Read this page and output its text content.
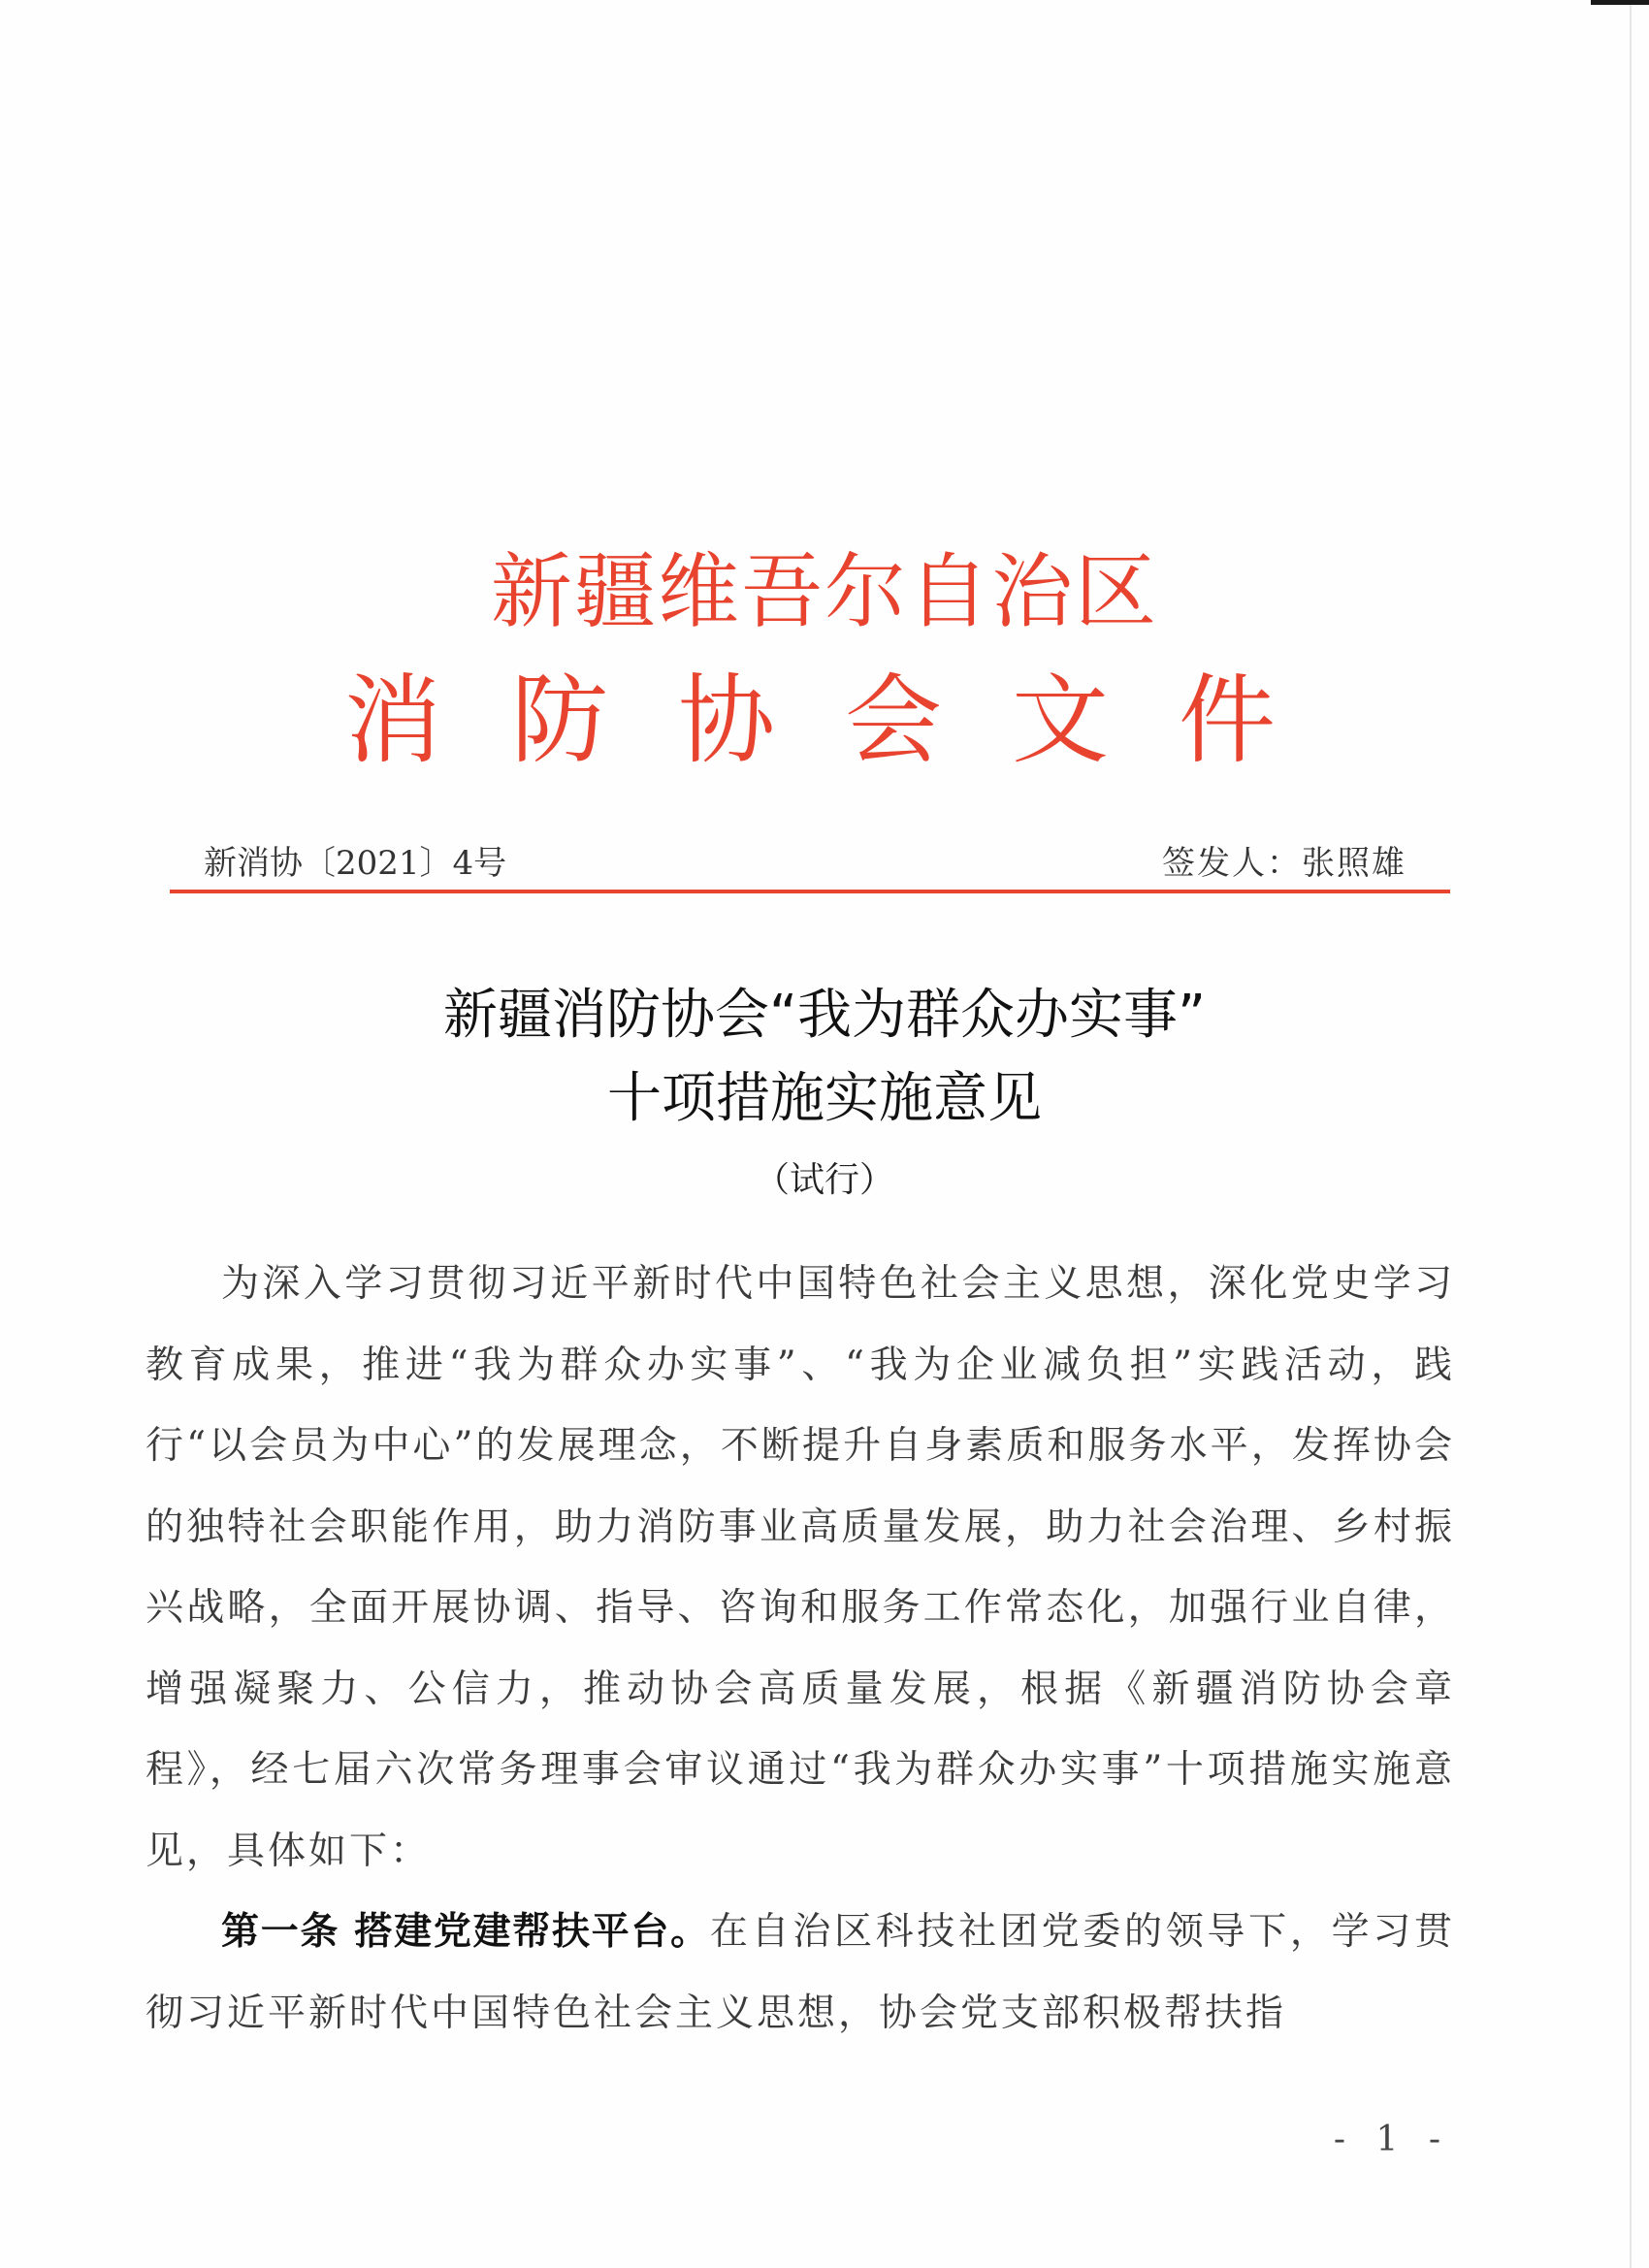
新疆维吾尔自治区
消 防 协 会 文 件
新消协〔2021〕4号	签发人：张照雄
新疆消防协会“我为群众办实事”
十项措施实施意见
（试行）

为深入学习贯彻习近平新时代中国特色社会主义思想，深化党史学习教育成果，推进“我为群众办实事”、“我为企业减负担”实践活动，践行“以会员为中心”的发展理念，不断提升自身素质和服务水平，发挥协会的独特社会职能作用，助力消防事业高质量发展，助力社会治理、乡村振兴战略，全面开展协调、指导、咨询和服务工作常态化，加强行业自律，增强凝聚力、公信力，推动协会高质量发展，根据《新疆消防协会章程》，经七届六次常务理事会审议通过“我为群众办实事”十项措施实施意见，具体如下：

第一条 搭建党建帮扶平台。在自治区科技社团党委的领导下，学习贯彻习近平新时代中国特色社会主义思想，协会党支部积极帮扶指

- 1 -
